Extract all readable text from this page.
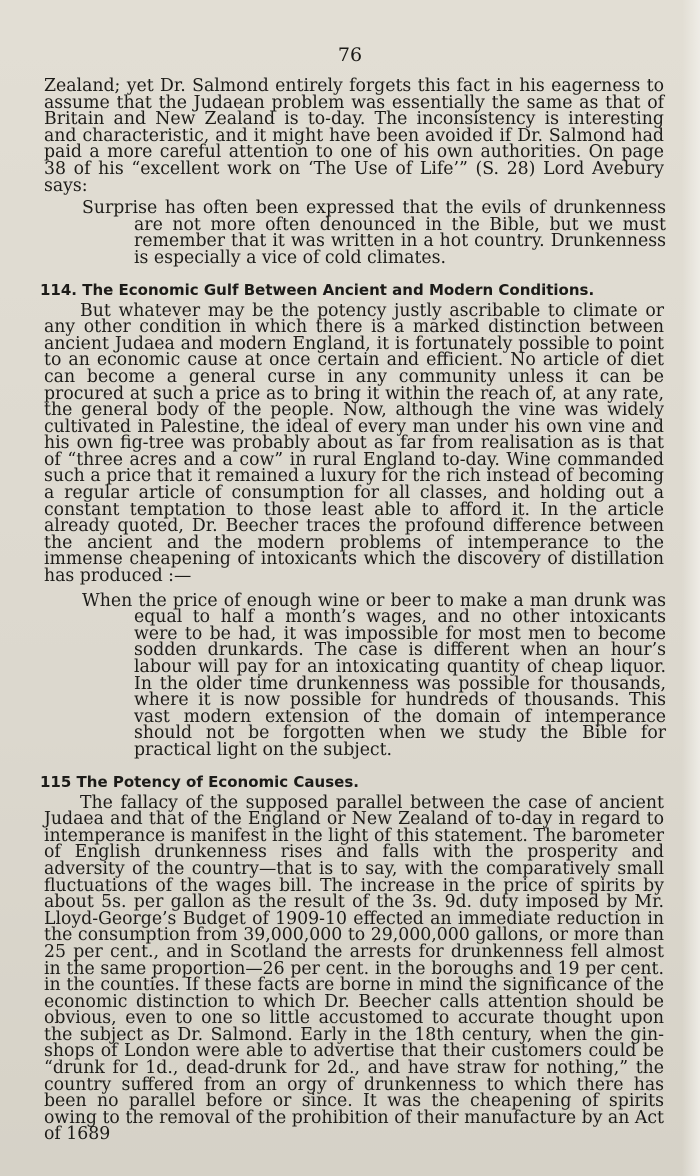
76

Zealand; yet Dr. Salmond entirely forgets this fact in his eagerness to assume that the Judaean problem was essentially the same as that of Britain and New Zealand is to-day. The inconsistency is interesting and characteristic, and it might have been avoided if Dr. Salmond had paid a more careful attention to one of his own authorities. On page 38 of his “excellent work on ‘The Use of Life’” (S. 28) Lord Avebury says:

Surprise has often been expressed that the evils of drunkenness are not more often denounced in the Bible, but we must remember that it was written in a hot country. Drunkenness is especially a vice of cold climates.

114. The Economic Gulf Between Ancient and Modern Conditions.

But whatever may be the potency justly ascribable to climate or any other condition in which there is a marked distinction between ancient Judaea and modern England, it is fortunately possible to point to an economic cause at once certain and efficient. No article of diet can become a general curse in any community unless it can be procured at such a price as to bring it within the reach of, at any rate, the general body of the people. Now, although the vine was widely cultivated in Palestine, the ideal of every man under his own vine and his own fig-tree was probably about as far from realisation as is that of “three acres and a cow” in rural England to-day. Wine commanded such a price that it remained a luxury for the rich instead of becoming a regular article of consumption for all classes, and holding out a constant temptation to those least able to afford it. In the article already quoted, Dr. Beecher traces the profound difference between the ancient and the modern problems of intemperance to the immense cheapening of intoxicants which the discovery of distillation has produced :—

When the price of enough wine or beer to make a man drunk was equal to half a month’s wages, and no other intoxicants were to be had, it was impossible for most men to become sodden drunkards. The case is different when an hour’s labour will pay for an intoxicating quantity of cheap liquor. In the older time drunkenness was possible for thousands, where it is now possible for hundreds of thousands. This vast modern extension of the domain of intemperance should not be forgotten when we study the Bible for practical light on the subject.

115 The Potency of Economic Causes.

The fallacy of the supposed parallel between the case of ancient Judaea and that of the England or New Zealand of to-day in regard to intemperance is manifest in the light of this statement. The barometer of English drunkenness rises and falls with the prosperity and adversity of the country—that is to say, with the comparatively small fluctuations of the wages bill. The increase in the price of spirits by about 5s. per gallon as the result of the 3s. 9d. duty imposed by Mr. Lloyd-George’s Budget of 1909-10 effected an immediate reduction in the consumption from 39,000,000 to 29,000,000 gallons, or more than 25 per cent., and in Scotland the arrests for drunkenness fell almost in the same proportion—26 per cent. in the boroughs and 19 per cent. in the counties. If these facts are borne in mind the significance of the economic distinction to which Dr. Beecher calls attention should be obvious, even to one so little accustomed to accurate thought upon the subject as Dr. Salmond. Early in the 18th century, when the gin-shops of London were able to advertise that their customers could be “drunk for 1d., dead-drunk for 2d., and have straw for nothing,” the country suffered from an orgy of drunkenness to which there has been no parallel before or since. It was the cheapening of spirits owing to the removal of the prohibition of their manufacture by an Act of 1689
